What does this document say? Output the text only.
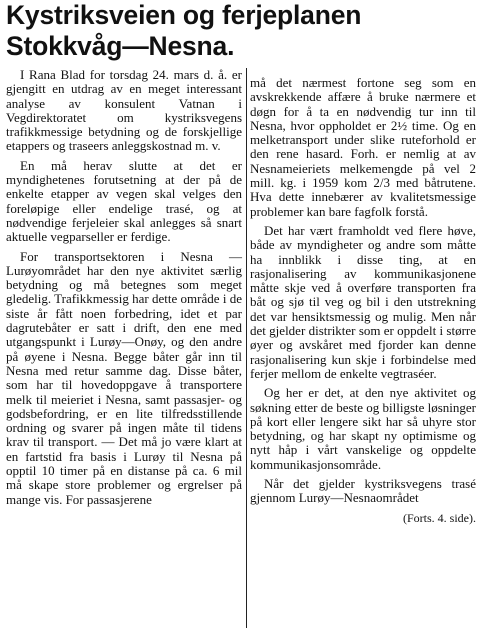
Kystriksveien og ferjeplanen
Stokkvåg—Nesna.

I Rana Blad for torsdag 24. mars d. å. er gjengitt en utdrag av en meget interessant analyse av konsulent Vatnan i Vegdirektoratet om kystriksvegens trafikkmessige betydning og de forskjellige etappers og traseers anleggskostnad m. v.

En må herav slutte at det er myndighetenes forutsetning at der på de enkelte etapper av vegen skal velges den foreløpige eller endelige trasé, og at nødvendige ferjeleier skal anlegges så snart aktuelle vegparseller er ferdige.

For transportsektoren i Nesna — Lurøyområdet har den nye aktivitet særlig betydning og må betegnes som meget gledelig. Trafikkmessig har dette område i de siste år fått noen forbedring, idet et par dagrutebåter er satt i drift, den ene med utgangspunkt i Lurøy—Onøy, og den andre på øyene i Nesna. Begge båter går inn til Nesna med retur samme dag. Disse båter, som har til hovedoppgave å transportere melk til meieriet i Nesna, samt passasjer- og godsbefordring, er en lite tilfredsstillende ordning og svarer på ingen måte til tidens krav til transport. — Det må jo være klart at en fartstid fra basis i Lurøy til Nesna på opptil 10 timer på en distanse på ca. 6 mil må skape store problemer og ergrelser på mange vis. For passasjerene

må det nærmest fortone seg som en avskrekkende affære å bruke nærmere et døgn for å ta en nødvendig tur inn til Nesna, hvor oppholdet er 2½ time. Og en melketransport under slike ruteforhold er den rene hasard. Forh. er nemlig at av Nesnameieriets melkemengde på vel 2 mill. kg. i 1959 kom 2/3 med båtrutene. Hva dette innebærer av kvalitetsmessige problemer kan bare fagfolk forstå.

Det har vært framholdt ved flere høve, både av myndigheter og andre som måtte ha innblikk i disse ting, at en rasjonalisering av kommunikasjonene måtte skje ved å overføre transporten fra båt og sjø til veg og bil i den utstrekning det var hensiktsmessig og mulig. Men når det gjelder distrikter som er oppdelt i større øyer og avskåret med fjorder kan denne rasjonalisering kun skje i forbindelse med ferjer mellom de enkelte vegtraséer.

Og her er det, at den nye aktivitet og søkning etter de beste og billigste løsninger på kort eller lengere sikt har så uhyre stor betydning, og har skapt ny optimisme og nytt håp i vårt vanskelige og oppdelte kommunikasjonsområde.

Når det gjelder kystriksvegens trasé gjennom Lurøy—Nesnaområdet

(Forts. 4. side).
